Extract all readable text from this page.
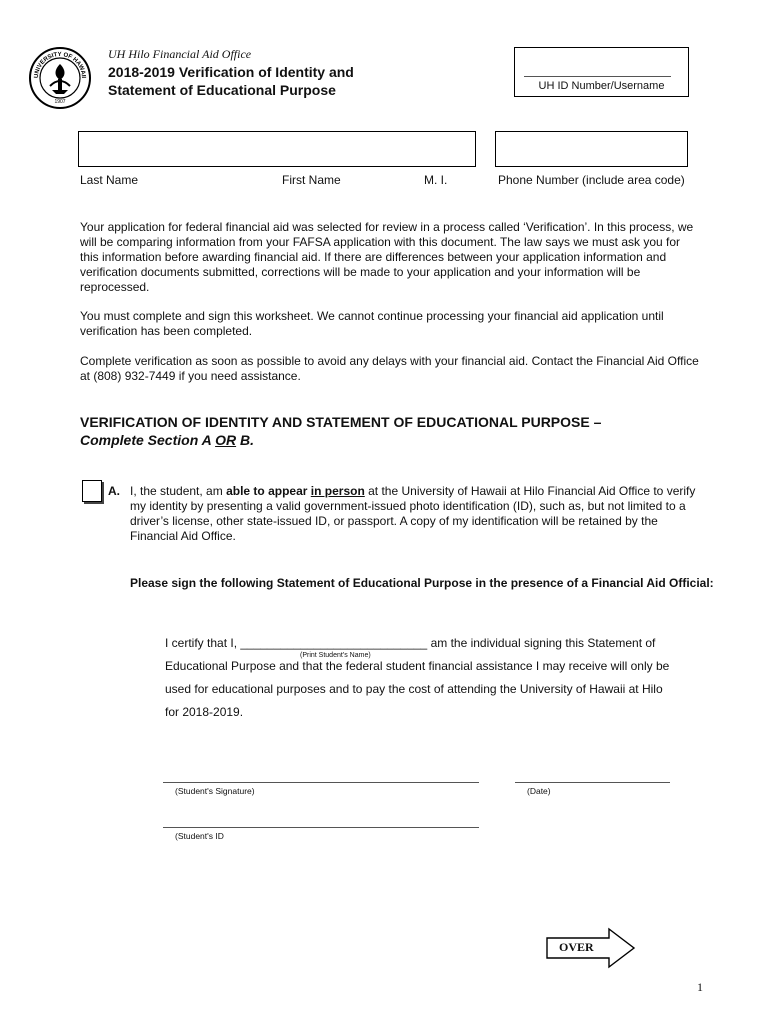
UNIVERSITY OF HAWAII
1907
UH Hilo Financial Aid Office
2018-2019 Verification of Identity and
Statement of Educational Purpose	UH ID Number/Username
Last Name	First Name	M. I.	Phone Number (include area code)

Your application for federal financial aid was selected for review in a process called ‘Verification’. In this process, we will be comparing information from your FAFSA application with this document. The law says we must ask you for this information before awarding financial aid. If there are differences between your application information and verification documents submitted, corrections will be made to your application and your information will be reprocessed.

You must complete and sign this worksheet. We cannot continue processing your financial aid application until verification has been completed.

Complete verification as soon as possible to avoid any delays with your financial aid. Contact the Financial Aid Office at (808) 932-7449 if you need assistance.

VERIFICATION OF IDENTITY AND STATEMENT OF EDUCATIONAL PURPOSE –
Complete Section A OR B.
A. I, the student, am able to appear in person at the University of Hawaii at Hilo Financial Aid Office to verify my identity by presenting a valid government-issued photo identification (ID), such as, but not limited to a driver’s license, other state-issued ID, or passport. A copy of my identification will be retained by the Financial Aid Office.

Please sign the following Statement of Educational Purpose in the presence of a Financial Aid Official:

I certify that I, ____________________________ am the individual signing this Statement of
(Print Student’s Name)
Educational Purpose and that the federal student financial assistance I may receive will only be
used for educational purposes and to pay the cost of attending the University of Hawaii at Hilo
for 2018-2019.
(Student's Signature)	(Date)
(Student's ID
OVER
1
